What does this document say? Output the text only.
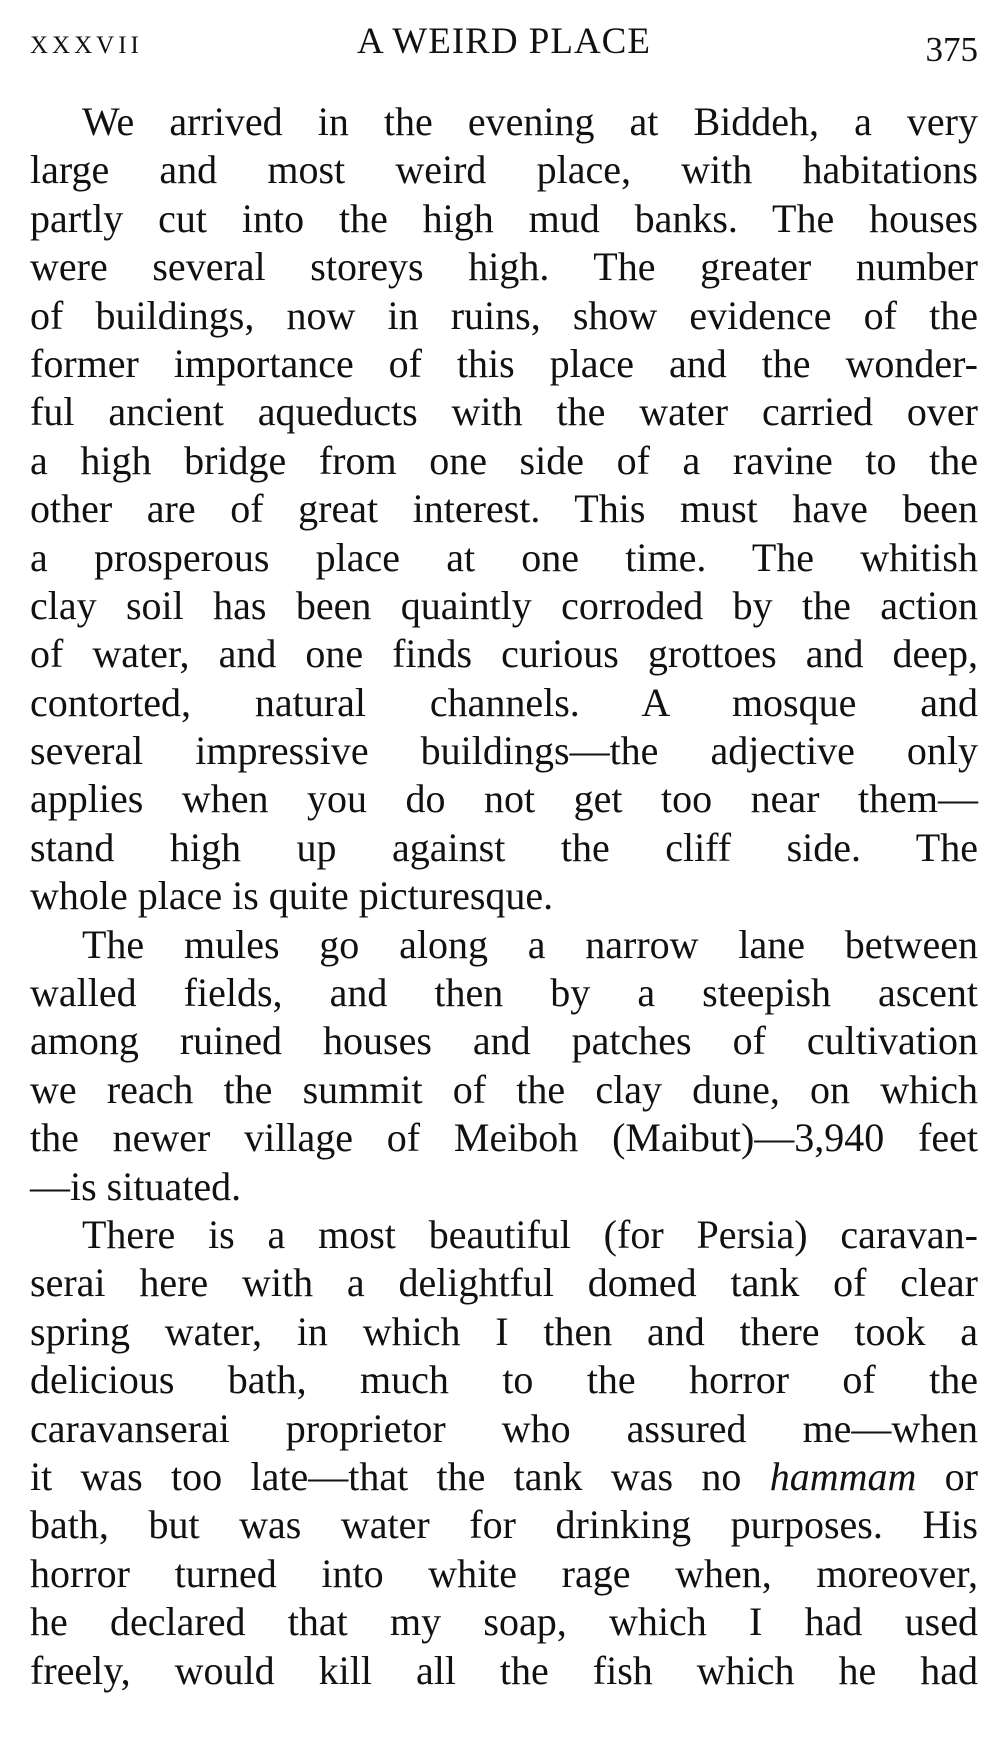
XXXVII	A WEIRD PLACE	375
We arrived in the evening at Biddeh, a very
large and most weird place, with habitations
partly cut into the high mud banks. The houses
were several storeys high. The greater number
of buildings, now in ruins, show evidence of the
former importance of this place and the wonder-
ful ancient aqueducts with the water carried over
a high bridge from one side of a ravine to the
other are of great interest. This must have been
a prosperous place at one time. The whitish
clay soil has been quaintly corroded by the action
of water, and one finds curious grottoes and deep,
contorted, natural channels. A mosque and
several impressive buildings—the adjective only
applies when you do not get too near them—
stand high up against the cliff side. The
whole place is quite picturesque.
The mules go along a narrow lane between
walled fields, and then by a steepish ascent
among ruined houses and patches of cultivation
we reach the summit of the clay dune, on which
the newer village of Meiboh (Maibut)—3,940 feet
—is situated.
There is a most beautiful (for Persia) caravan-
serai here with a delightful domed tank of clear
spring water, in which I then and there took a
delicious bath, much to the horror of the
caravanserai proprietor who assured me—when
it was too late—that the tank was no hammam or
bath, but was water for drinking purposes. His
horror turned into white rage when, moreover,
he declared that my soap, which I had used
freely, would kill all the fish which he had
